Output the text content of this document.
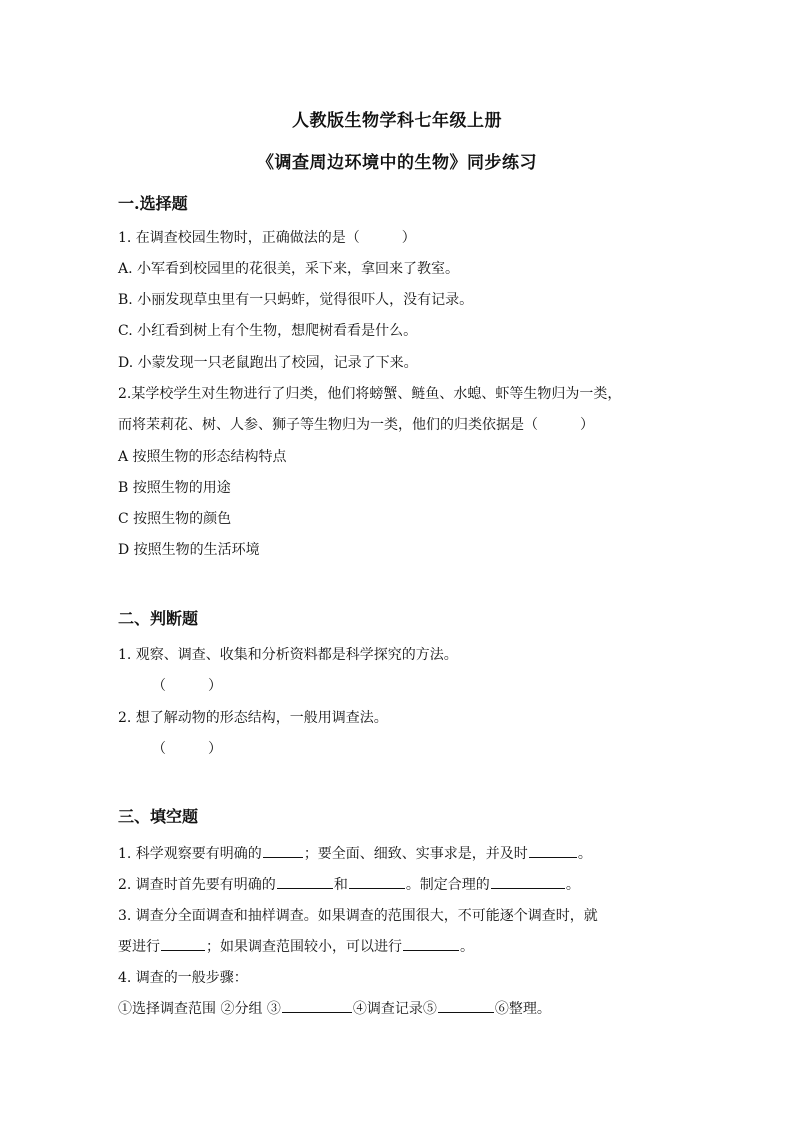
人教版生物学科七年级上册
《调查周边环境中的生物》同步练习
一.选择题
1. 在调查校园生物时，正确做法的是（　　　）
A. 小军看到校园里的花很美，采下来，拿回来了教室。
B. 小丽发现草虫里有一只蚂蚱，觉得很吓人，没有记录。
C. 小红看到树上有个生物，想爬树看看是什么。
D. 小蒙发现一只老鼠跑出了校园，记录了下来。
2.某学校学生对生物进行了归类，他们将螃蟹、鲢鱼、水螅、虾等生物归为一类，
而将茉莉花、树、人参、狮子等生物归为一类，他们的归类依据是（　　　）
A 按照生物的形态结构特点
B 按照生物的用途
C 按照生物的颜色
D 按照生物的生活环境
二、判断题
1. 观察、调查、收集和分析资料都是科学探究的方法。
（　　　）
2. 想了解动物的形态结构，一般用调查法。
（　　　）
三、填空题
1. 科学观察要有明确的	；要全面、细致、实事求是，并及时	。
2. 调查时首先要有明确的	和	。制定合理的	。
3. 调查分全面调查和抽样调查。如果调查的范围很大，不可能逐个调查时，就
要进行	；如果调查范围较小，可以进行	。
4. 调查的一般步骤：
①选择调查范围 ②分组 ③	④调查记录⑤	⑥整理。
